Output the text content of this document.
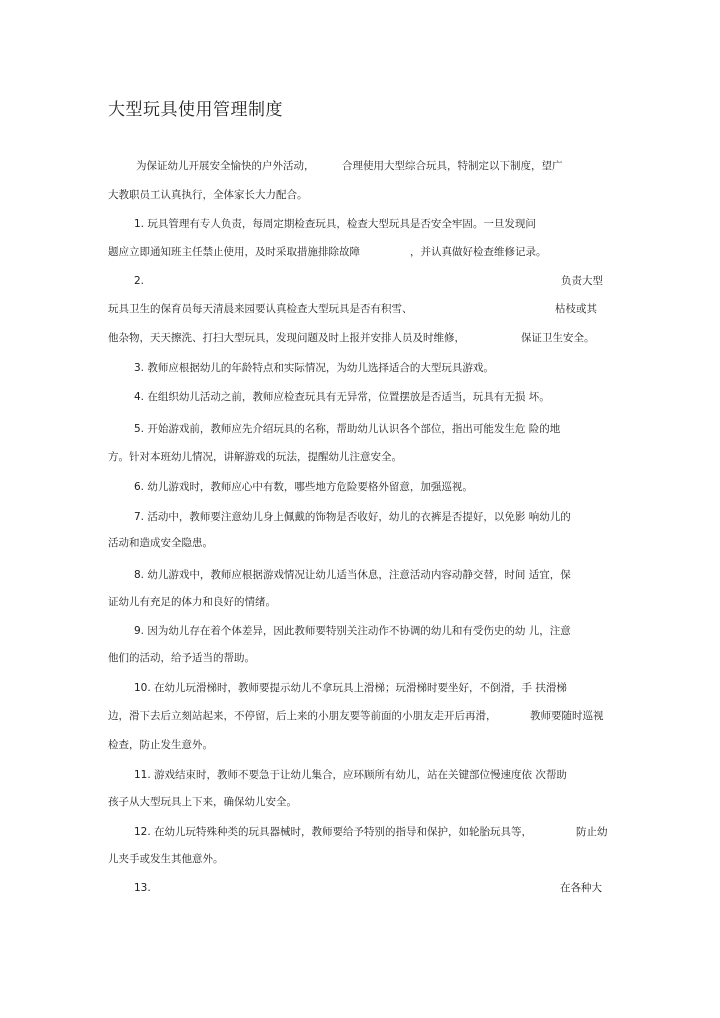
大型玩具使用管理制度
为保证幼儿开展安全愉快的户外活动，	合理使用大型综合玩具，特制定以下制度，望广
大教职员工认真执行，全体家长大力配合。
1. 玩具管理有专人负责，每周定期检查玩具，检查大型玩具是否安全牢固。一旦发现问
题应立即通知班主任禁止使用，及时采取措施排除故障	，并认真做好检查维修记录。
2.	负责大型
玩具卫生的保育员每天清晨来园要认真检查大型玩具是否有积雪、	枯枝或其
他杂物，天天擦洗、打扫大型玩具，发现问题及时上报并安排人员及时维修，	保证卫生安全。
3. 教师应根据幼儿的年龄特点和实际情况，为幼儿选择适合的大型玩具游戏。
4. 在组织幼儿活动之前，教师应检查玩具有无异常，位置摆放是否适当，玩具有无损 坏。
5. 开始游戏前，教师应先介绍玩具的名称，帮助幼儿认识各个部位，指出可能发生危 险的地
方。针对本班幼儿情况，讲解游戏的玩法，提醒幼儿注意安全。
6. 幼儿游戏时，教师应心中有数，哪些地方危险要格外留意，加强巡视。
7. 活动中，教师要注意幼儿身上佩戴的饰物是否收好，幼儿的衣裤是否提好，以免影 响幼儿的
活动和造成安全隐患。
8. 幼儿游戏中，教师应根据游戏情况让幼儿适当休息，注意活动内容动静交替，时间 适宜，保
证幼儿有充足的体力和良好的情绪。
9. 因为幼儿存在着个体差异，因此教师要特别关注动作不协调的幼儿和有受伤史的幼 儿，注意
他们的活动，给予适当的帮助。
10. 在幼儿玩滑梯时，教师要提示幼儿不拿玩具上滑梯；玩滑梯时要坐好，不倒滑，手 扶滑梯
边，滑下去后立刻站起来，不停留，后上来的小朋友要等前面的小朋友走开后再滑，	教师要随时巡视
检查，防止发生意外。
11. 游戏结束时，教师不要急于让幼儿集合，应环顾所有幼儿，站在关键部位慢速度依 次帮助
孩子从大型玩具上下来，确保幼儿安全。
12. 在幼儿玩特殊种类的玩具器械时，教师要给予特别的指导和保护，如轮胎玩具等，	防止幼
儿夹手或发生其他意外。
13.	在各种大
